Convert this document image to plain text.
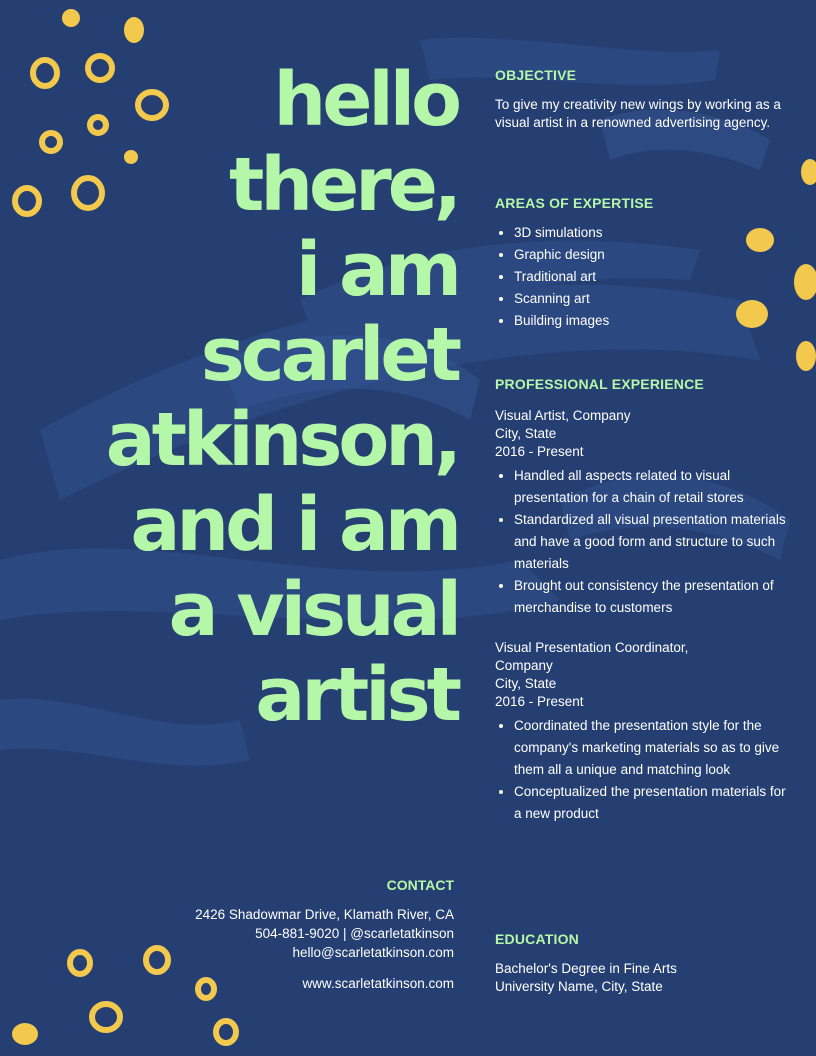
hello
there,
i am
scarlet
atkinson,
and i am
a visual
artist
OBJECTIVE

To give my creativity new wings by working as a visual artist in a renowned advertising agency.

AREAS OF EXPERTISE
• 3D simulations
• Graphic design
• Traditional art
• Scanning art
• Building images
PROFESSIONAL EXPERIENCE

Visual Artist, Company

City, State

2016 - Present

• Handled all aspects related to visual presentation for a chain of retail stores
• Standardized all visual presentation materials and have a good form and structure to such materials
• Brought out consistency the presentation of merchandise to customers

Visual Presentation Coordinator, Company

City, State

2016 - Present

• Coordinated the presentation style for the company's marketing materials so as to give them all a unique and matching look
• Conceptualized the presentation materials for a new product
EDUCATION

Bachelor's Degree in Fine Arts

University Name, City, State

CONTACT

2426 Shadowmar Drive, Klamath River, CA

504-881-9020 | @scarletatkinson

hello@scarletatkinson.com

www.scarletatkinson.com
